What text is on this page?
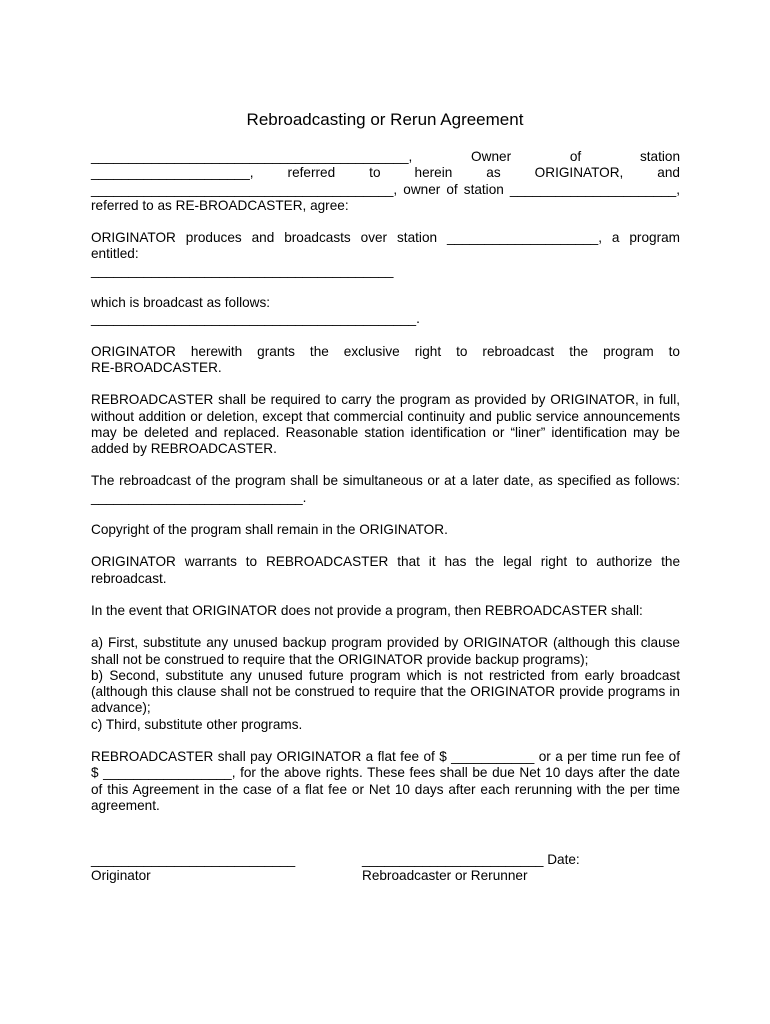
Rebroadcasting or Rerun Agreement

__________________________________________, Owner of station

_____________________, referred to herein as ORIGINATOR, and

________________________________________, owner of station ______________________,

referred to as RE-BROADCASTER, agree:

ORIGINATOR produces and broadcasts over station ____________________, a program

entitled:

________________________________________

which is broadcast as follows:

___________________________________________.

ORIGINATOR herewith grants the exclusive right to rebroadcast the program to

RE-BROADCASTER.

REBROADCASTER shall be required to carry the program as provided by ORIGINATOR, in full, without addition or deletion, except that commercial continuity and public service announcements may be deleted and replaced. Reasonable station identification or “liner” identification may be added by REBROADCASTER.

The rebroadcast of the program shall be simultaneous or at a later date, as specified as follows:

____________________________.

Copyright of the program shall remain in the ORIGINATOR.

ORIGINATOR warrants to REBROADCASTER that it has the legal right to authorize the rebroadcast.

In the event that ORIGINATOR does not provide a program, then REBROADCASTER shall:

a) First, substitute any unused backup program provided by ORIGINATOR (although this clause shall not be construed to require that the ORIGINATOR provide backup programs);

b) Second, substitute any unused future program which is not restricted from early broadcast (although this clause shall not be construed to require that the ORIGINATOR provide programs in advance);

c) Third, substitute other programs.

REBROADCASTER shall pay ORIGINATOR a flat fee of $ ___________ or a per time run fee of $ _________________, for the above rights. These fees shall be due Net 10 days after the date of this Agreement in the case of a flat fee or Net 10 days after each rerunning with the per time agreement.

___________________________
Originator
________________________ Date:
Rebroadcaster or Rerunner
